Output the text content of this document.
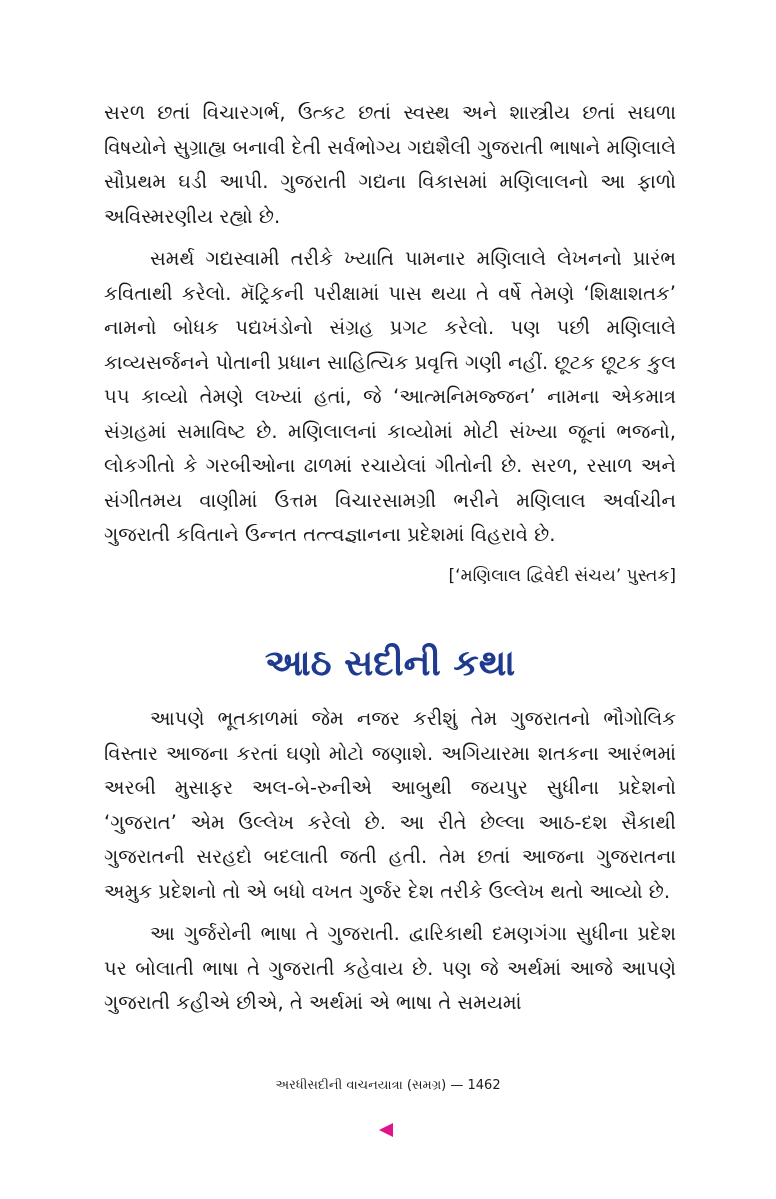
સરળ છતાં વિચારગર્ભ, ઉત્કટ છતાં સ્વસ્થ અને શાસ્ત્રીય છતાં સઘળા વિષયોને સુગ્રાહ્ય બનાવી દેતી સર્વભોગ્ય ગદ્યશૈલી ગુજરાતી ભાષાને મણિલાલે સૌપ્રથમ ઘડી આપી. ગુજરાતી ગદ્યના વિકાસમાં મણિલાલનો આ ફાળો અવિસ્મરણીય રહ્યો છે.

સમર્થ ગદ્યસ્વામી તરીકે ખ્યાતિ પામનાર મણિલાલે લેખનનો પ્રારંભ કવિતાથી કરેલો. મૅટ્રિકની પરીક્ષામાં પાસ થયા તે વર્ષે તેમણે ‘શિક્ષાશતક’ નામનો બોધક પદ્યખંડોનો સંગ્રહ પ્રગટ કરેલો. પણ પછી મણિલાલે કાવ્યસર્જનને પોતાની પ્રધાન સાહિત્યિક પ્રવૃત્તિ ગણી નહીં. છૂટક છૂટક કુલ ૫૫ કાવ્યો તેમણે લખ્યાં હતાં, જે ‘આત્મનિમજ્જન’ નામના એકમાત્ર સંગ્રહમાં સમાવિષ્ટ છે. મણિલાલનાં કાવ્યોમાં મોટી સંખ્યા જૂનાં ભજનો, લોકગીતો કે ગરબીઓના ઢાળમાં રચાયેલાં ગીતોની છે. સરળ, રસાળ અને સંગીતમય વાણીમાં ઉત્તમ વિચારસામગ્રી ભરીને મણિલાલ અર્વાચીન ગુજરાતી કવિતાને ઉન્નત તત્ત્વજ્ઞાનના પ્રદેશમાં વિહરાવે છે.

[‘મણિલાલ દ્વિવેદી સંચય’ પુસ્તક]

આઠ સદીની કથા

આપણે ભૂતકાળમાં જેમ નજર કરીશું તેમ ગુજરાતનો ભૌગોલિક વિસ્તાર આજના કરતાં ઘણો મોટો જણાશે. અગિયારમા શતકના આરંભમાં અરબી મુસાફર અલ-બે-રુનીએ આબુથી જયપુર સુધીના પ્રદેશનો ‘ગુજરાત’ એમ ઉલ્લેખ કરેલો છે. આ રીતે છેલ્લા આઠ-દશ સૈકાથી ગુજરાતની સરહદો બદલાતી જતી હતી. તેમ છતાં આજના ગુજરાતના અમુક પ્રદેશનો તો એ બધો વખત ગુર્જર દેશ તરીકે ઉલ્લેખ થતો આવ્યો છે.

આ ગુર્જરોની ભાષા તે ગુજરાતી. દ્વારિકાથી દમણગંગા સુધીના પ્રદેશ પર બોલાતી ભાષા તે ગુજરાતી કહેવાય છે. પણ જે અર્થમાં આજે આપણે ગુજરાતી કહીએ છીએ, તે અર્થમાં એ ભાષા તે સમયમાં

અરધીસદીની વાચનયાત્રા (સમગ્ર) — 1462
